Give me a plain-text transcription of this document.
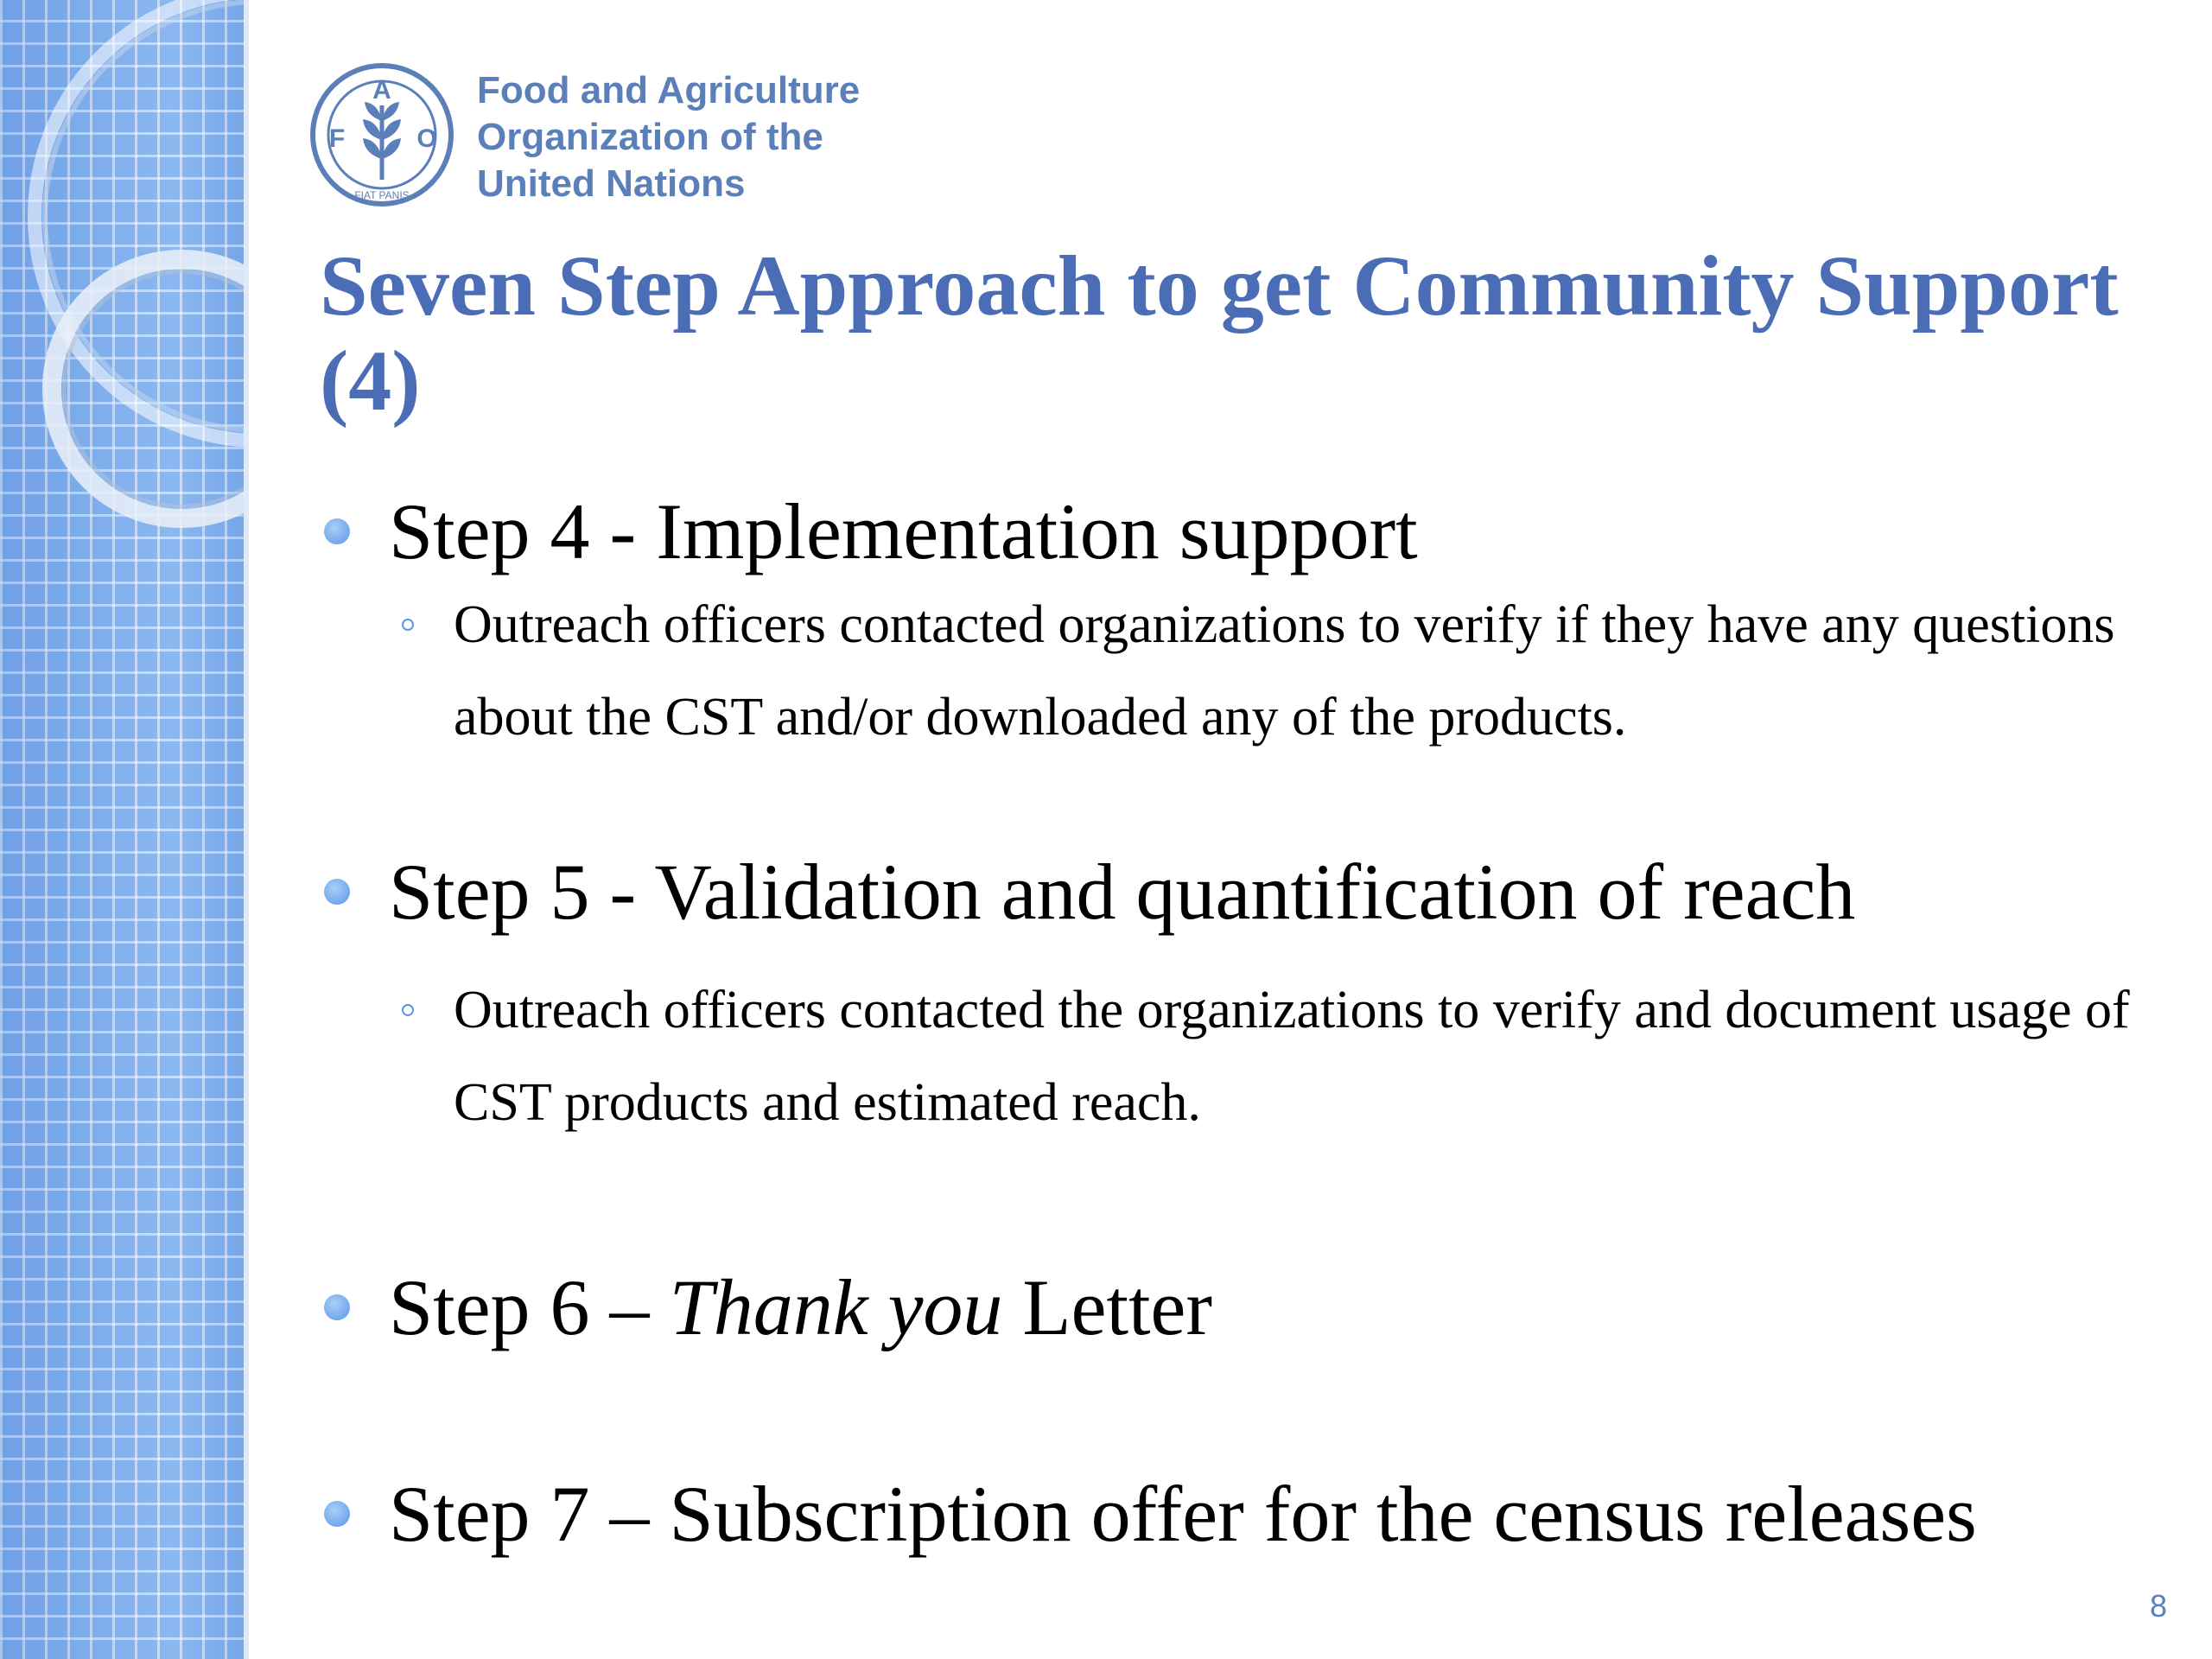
A
F	O
FIAT PANIS
Food and Agriculture
Organization of the
United Nations
Seven Step Approach to get Community Support (4)
Step 4 - Implementation support
Outreach officers contacted organizations to verify if they have any questions about the CST and/or downloaded any of the products.
Step 5 - Validation and quantification of reach
Outreach officers contacted the organizations to verify and document usage of CST products and estimated reach.
Step 6 – Thank you Letter
Step 7 – Subscription offer for the census releases
8
